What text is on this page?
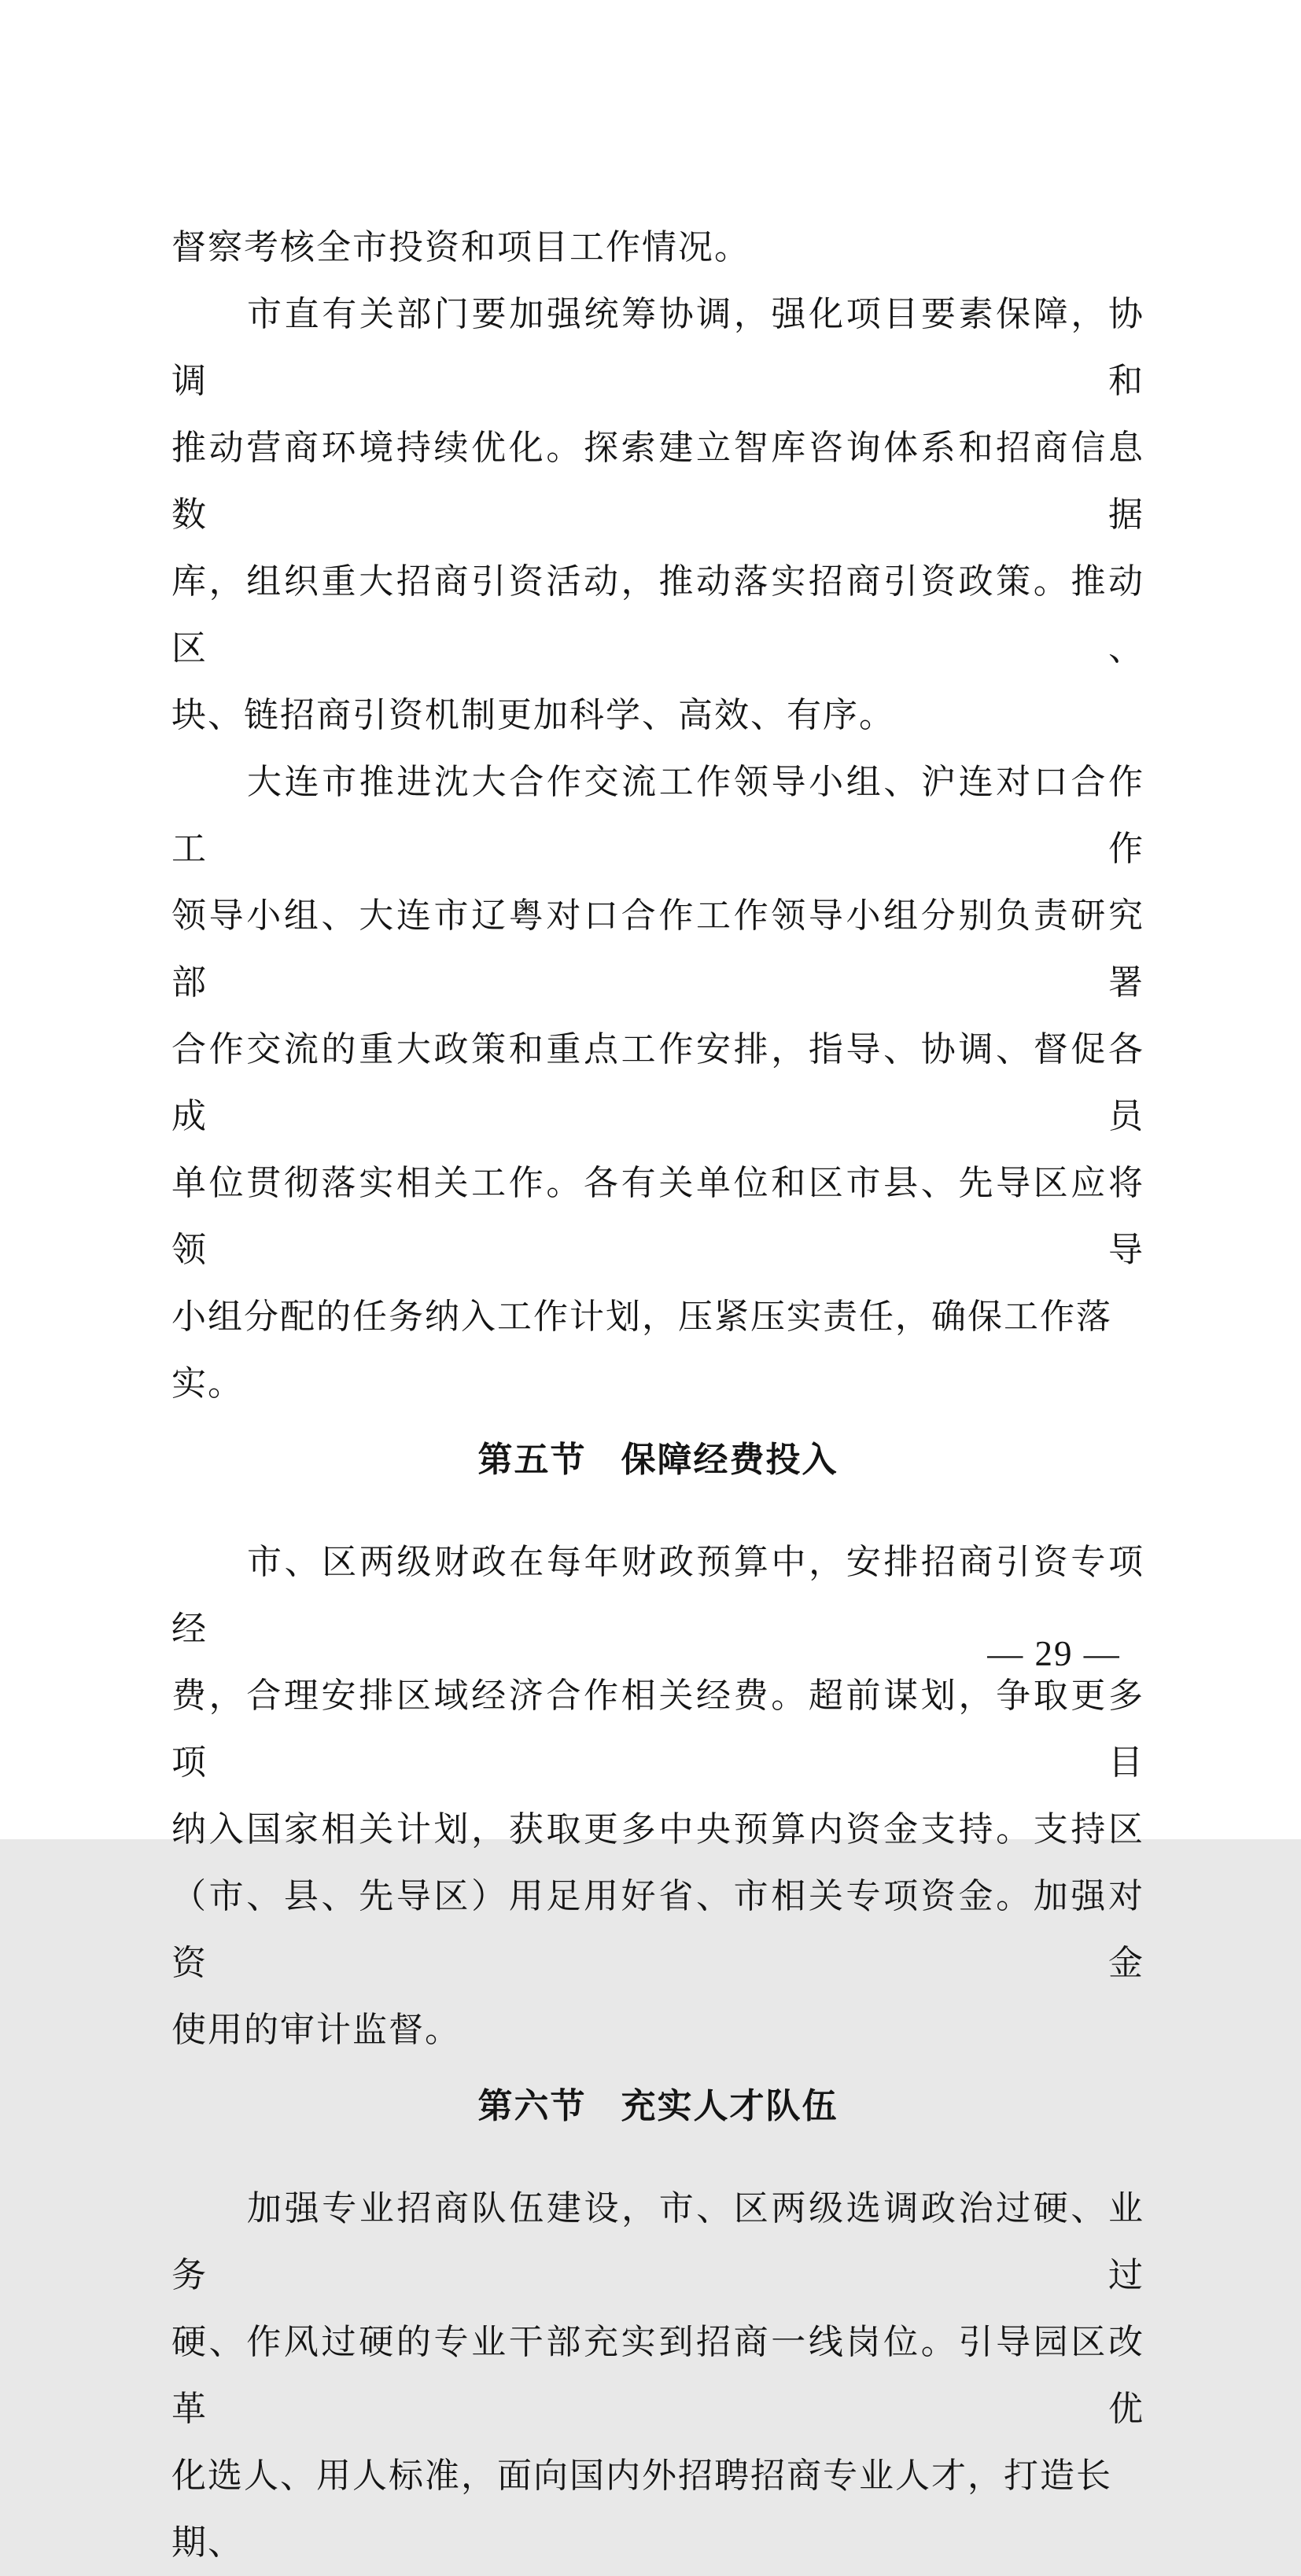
督察考核全市投资和项目工作情况。
市直有关部门要加强统筹协调，强化项目要素保障，协调和
推动营商环境持续优化。探索建立智库咨询体系和招商信息数据
库，组织重大招商引资活动，推动落实招商引资政策。推动区、
块、链招商引资机制更加科学、高效、有序。
大连市推进沈大合作交流工作领导小组、沪连对口合作工作
领导小组、大连市辽粤对口合作工作领导小组分别负责研究部署
合作交流的重大政策和重点工作安排，指导、协调、督促各成员
单位贯彻落实相关工作。各有关单位和区市县、先导区应将领导
小组分配的任务纳入工作计划，压紧压实责任，确保工作落实。
第五节 保障经费投入
市、区两级财政在每年财政预算中，安排招商引资专项经
费，合理安排区域经济合作相关经费。超前谋划，争取更多项目
纳入国家相关计划，获取更多中央预算内资金支持。支持区
（市、县、先导区）用足用好省、市相关专项资金。加强对资金
使用的审计监督。
第六节 充实人才队伍
加强专业招商队伍建设，市、区两级选调政治过硬、业务过
硬、作风过硬的专业干部充实到招商一线岗位。引导园区改革优
化选人、用人标准，面向国内外招聘招商专业人才，打造长期、
— 29 —
